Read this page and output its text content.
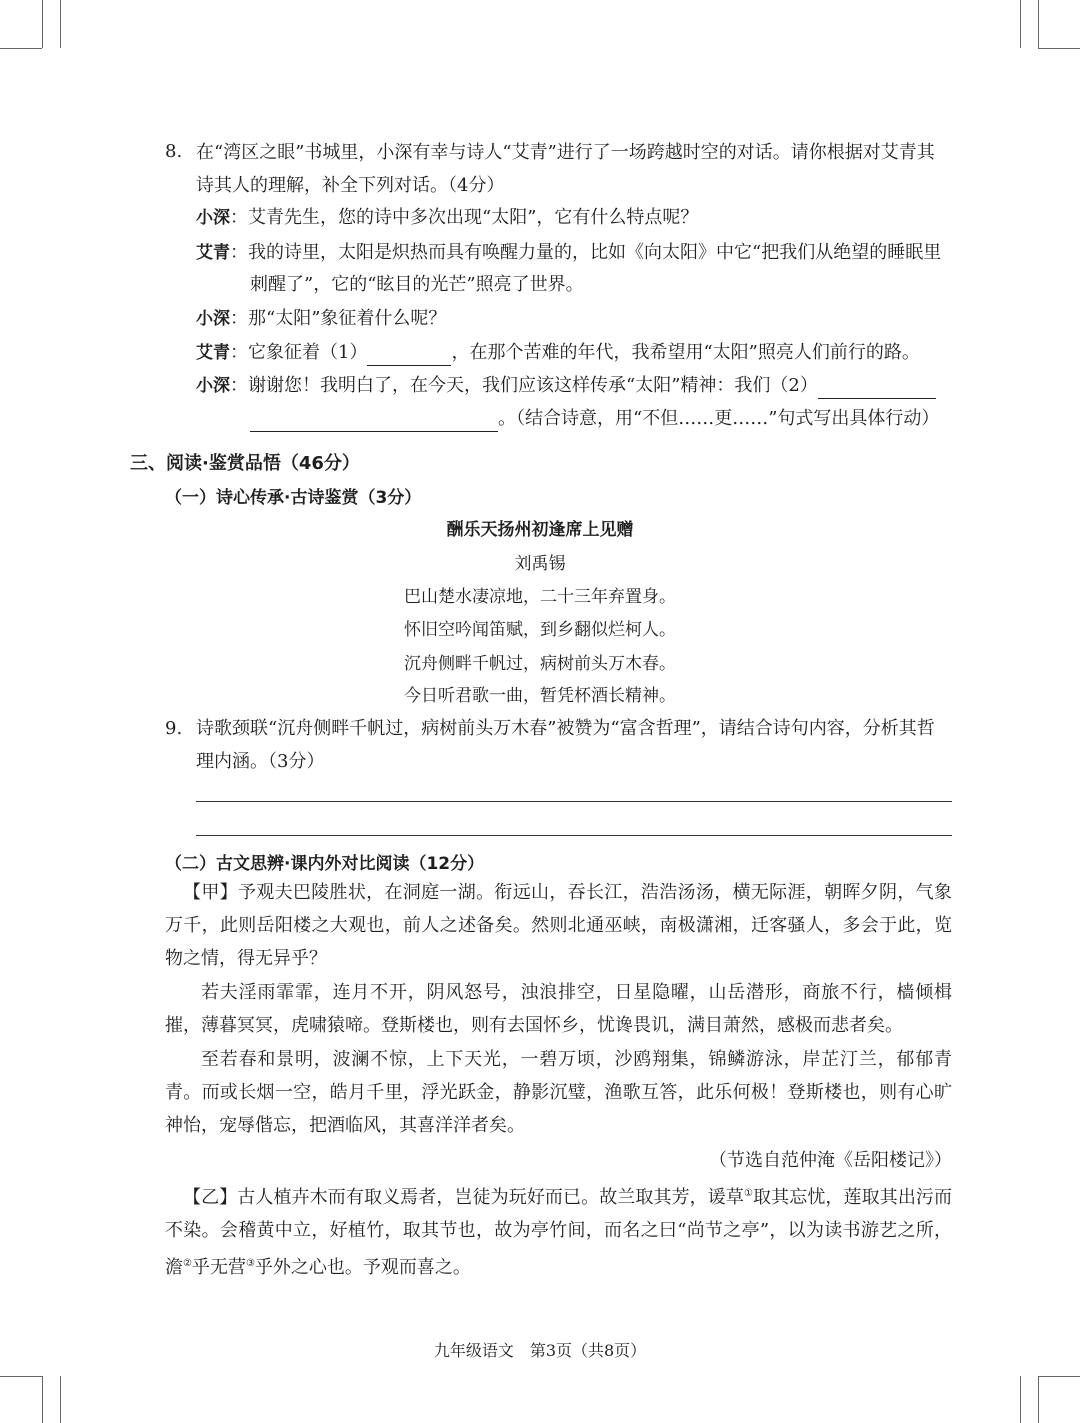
8. 在“湾区之眼”书城里，小深有幸与诗人“艾青”进行了一场跨越时空的对话。请你根据对艾青其诗其人的理解，补全下列对话。（4分）
小深：艾青先生，您的诗中多次出现“太阳”，它有什么特点呢？
艾青：我的诗里，太阳是炽热而具有唤醒力量的，比如《向太阳》中它“把我们从绝望的睡眠里
刺醒了”，它的“眩目的光芒”照亮了世界。
小深：那“太阳”象征着什么呢？
艾青：它象征着（1）	，在那个苦难的年代，我希望用“太阳”照亮人们前行的路。
小深：谢谢您！我明白了，在今天，我们应该这样传承“太阳”精神：我们（2）
。（结合诗意，用“不但……更……”句式写出具体行动）
三、阅读·鉴赏品悟（46分）
（一）诗心传承·古诗鉴赏（3分）
酬乐天扬州初逢席上见赠
刘禹锡
巴山楚水凄凉地，二十三年弃置身。
怀旧空吟闻笛赋，到乡翻似烂柯人。
沉舟侧畔千帆过，病树前头万木春。
今日听君歌一曲，暂凭杯酒长精神。
9. 诗歌颈联“沉舟侧畔千帆过，病树前头万木春”被赞为“富含哲理”，请结合诗句内容，分析其哲理内涵。（3分）
（二）古文思辨·课内外对比阅读（12分）
【甲】予观夫巴陵胜状，在洞庭一湖。衔远山，吞长江，浩浩汤汤，横无际涯，朝晖夕阴，气象万千，此则岳阳楼之大观也，前人之述备矣。然则北通巫峡，南极潇湘，迁客骚人，多会于此，览物之情，得无异乎？
若夫淫雨霏霏，连月不开，阴风怒号，浊浪排空，日星隐曜，山岳潜形，商旅不行，樯倾楫摧，薄暮冥冥，虎啸猿啼。登斯楼也，则有去国怀乡，忧谗畏讥，满目萧然，感极而悲者矣。
至若春和景明，波澜不惊，上下天光，一碧万顷，沙鸥翔集，锦鳞游泳，岸芷汀兰，郁郁青青。而或长烟一空，皓月千里，浮光跃金，静影沉璧，渔歌互答，此乐何极！登斯楼也，则有心旷神怡，宠辱偕忘，把酒临风，其喜洋洋者矣。
（节选自范仲淹《岳阳楼记》）
【乙】古人植卉木而有取义焉者，岂徒为玩好而已。故兰取其芳，谖草①取其忘忧，莲取其出污而不染。会稽黄中立，好植竹，取其节也，故为亭竹间，而名之曰“尚节之亭”，以为读书游艺之所，澹②乎无营③乎外之心也。予观而喜之。
九年级语文　第3页（共8页）
